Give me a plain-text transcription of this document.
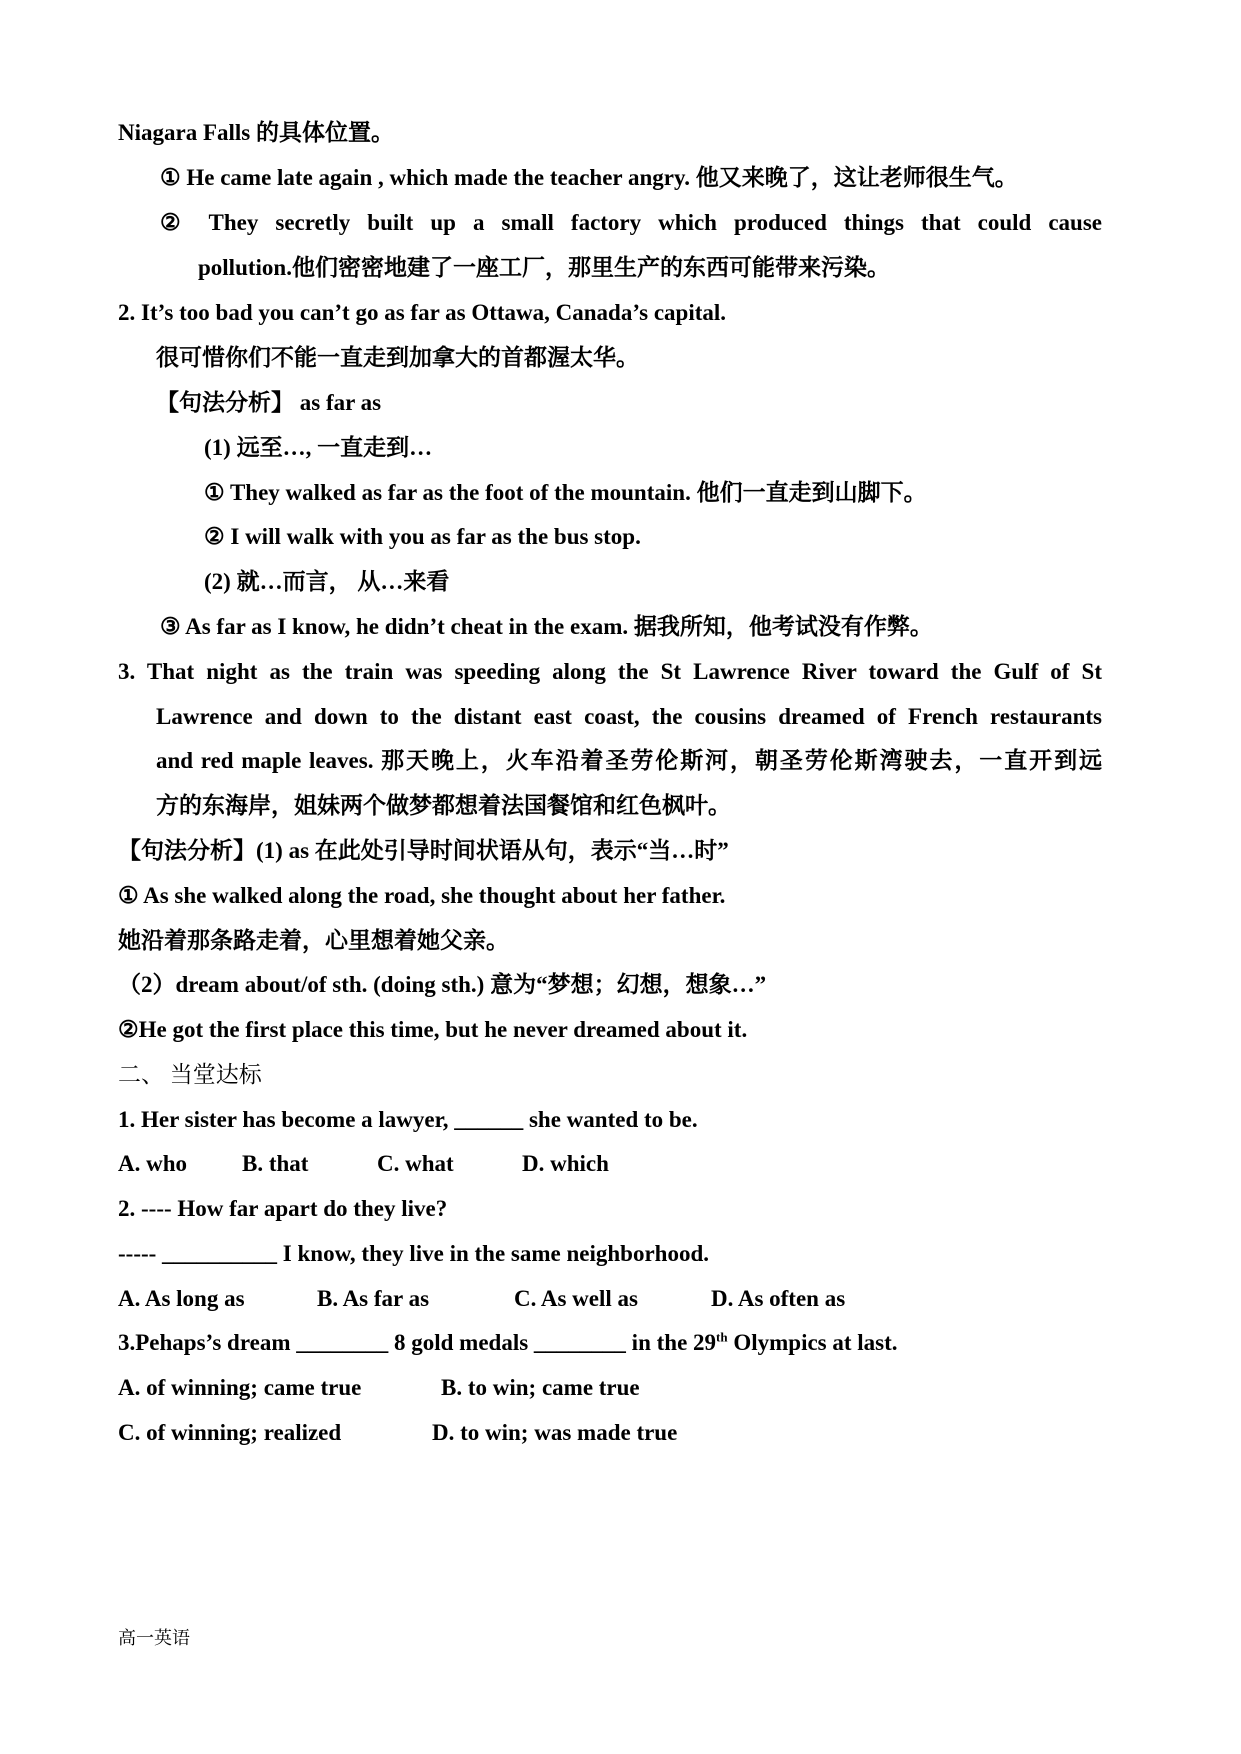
Niagara Falls 的具体位置。
① He came late again , which made the teacher angry. 他又来晚了，这让老师很生气。
② They secretly built up a small factory which produced things that could cause
pollution.他们密密地建了一座工厂，那里生产的东西可能带来污染。
2. It’s too bad you can’t go as far as Ottawa, Canada’s capital.
很可惜你们不能一直走到加拿大的首都渥太华。
【句法分析】 as far as
(1) 远至…, 一直走到…
① They walked as far as the foot of the mountain. 他们一直走到山脚下。
② I will walk with you as far as the bus stop.
(2) 就…而言， 从…来看
③ As far as I know, he didn’t cheat in the exam. 据我所知，他考试没有作弊。
3. That night as the train was speeding along the St Lawrence River toward the Gulf of St
Lawrence and down to the distant east coast, the cousins dreamed of French restaurants
and red maple leaves. 那天晚上，火车沿着圣劳伦斯河，朝圣劳伦斯湾驶去，一直开到远
方的东海岸，姐妹两个做梦都想着法国餐馆和红色枫叶。
【句法分析】(1) as 在此处引导时间状语从句，表示“当…时”
① As she walked along the road, she thought about her father.
她沿着那条路走着，心里想着她父亲。
（2）dream about/of sth. (doing sth.) 意为“梦想；幻想，想象…”
②He got the first place this time, but he never dreamed about it.
二、 当堂达标
1. Her sister has become a lawyer, ______ she wanted to be.
A. who B. that	C. what	D. which
2. ---- How far apart do they live?
----- __________ I know, they live in the same neighborhood.
A. As long as	B. As far as	C. As well as	D. As often as
3.Pehaps’s dream ________ 8 gold medals ________ in the 29th Olympics at last.
A. of winning; came true	B. to win; came true
C. of winning; realized	D. to win; was made true
高一英语
